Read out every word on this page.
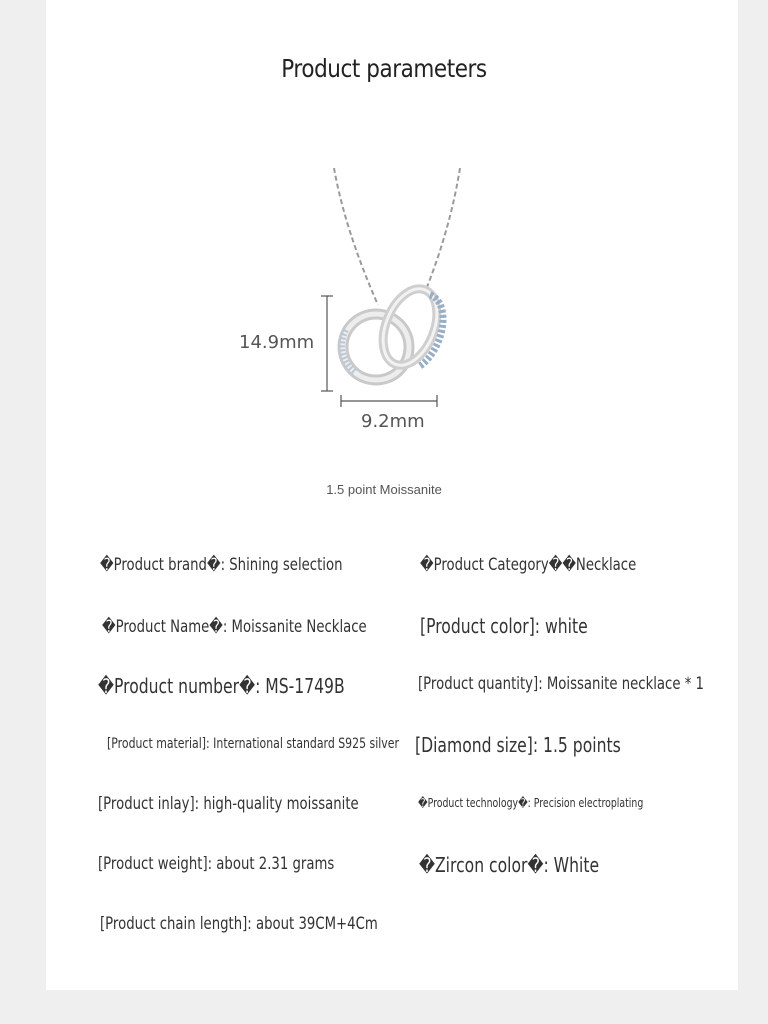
Product parameters
14.9mm
9.2mm
1.5 point Moissanite
�Product brand�: Shining selection	�Product Category��Necklace
�Product Name�: Moissanite Necklace	[Product color]: white
�Product number�: MS-1749B	[Product quantity]: Moissanite necklace * 1
[Product material]: International standard S925 silver [Diamond size]: 1.5 points
[Product inlay]: high-quality moissanite	�Product technology�: Precision electroplating
[Product weight]: about 2.31 grams	�Zircon color�: White
[Product chain length]: about 39CM+4Cm
